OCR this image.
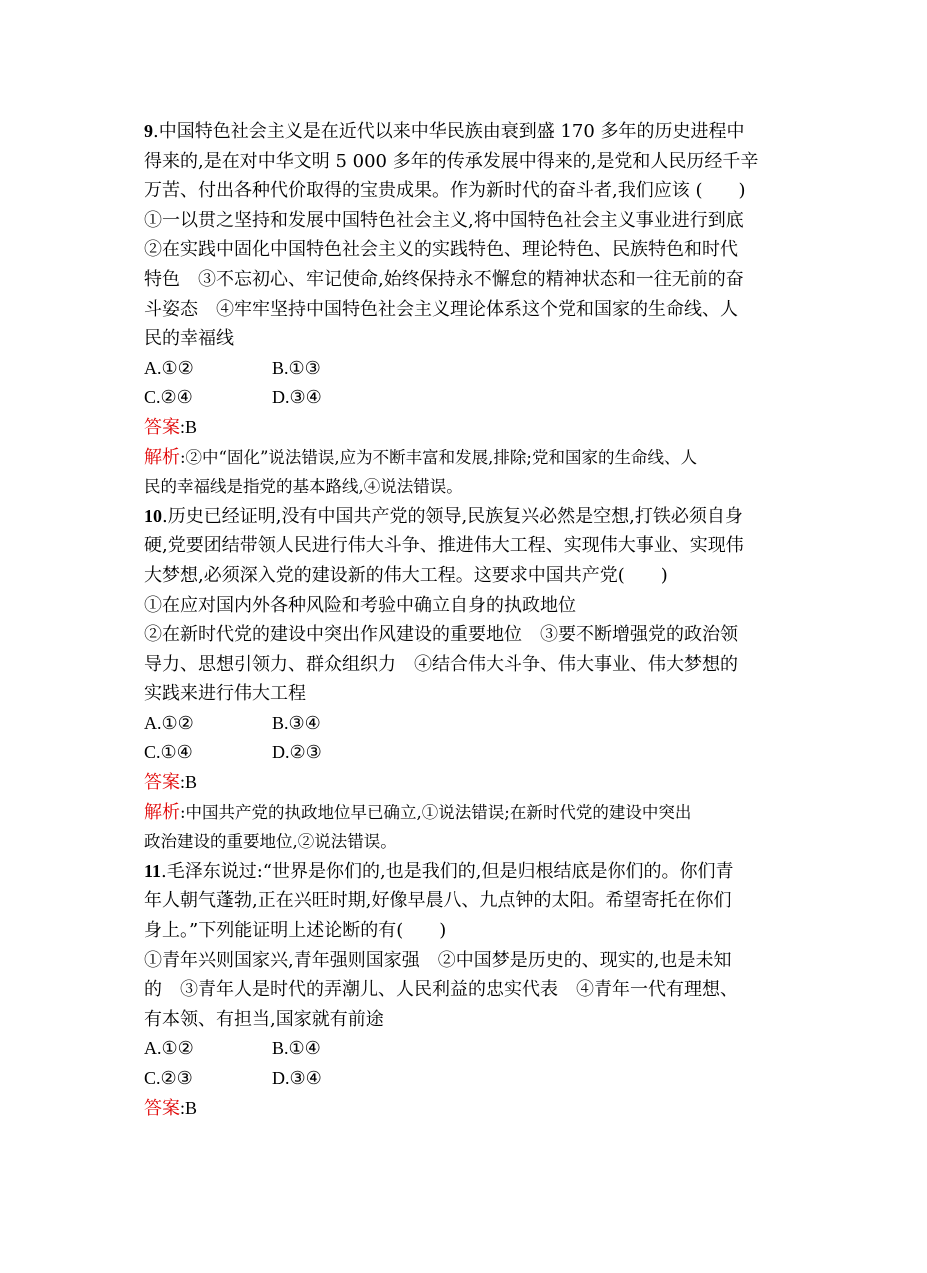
9.中国特色社会主义是在近代以来中华民族由衰到盛 170 多年的历史进程中
得来的,是在对中华文明 5 000 多年的传承发展中得来的,是党和人民历经千辛
万苦、付出各种代价取得的宝贵成果。作为新时代的奋斗者,我们应该 (　　)
①一以贯之坚持和发展中国特色社会主义,将中国特色社会主义事业进行到底
②在实践中固化中国特色社会主义的实践特色、理论特色、民族特色和时代
特色　③不忘初心、牢记使命,始终保持永不懈怠的精神状态和一往无前的奋
斗姿态　④牢牢坚持中国特色社会主义理论体系这个党和国家的生命线、人
民的幸福线
A.①②	B.①③
C.②④	D.③④
答案:B
解析:②中“固化”说法错误,应为不断丰富和发展,排除;党和国家的生命线、人
民的幸福线是指党的基本路线,④说法错误。
10.历史已经证明,没有中国共产党的领导,民族复兴必然是空想,打铁必须自身
硬,党要团结带领人民进行伟大斗争、推进伟大工程、实现伟大事业、实现伟
大梦想,必须深入党的建设新的伟大工程。这要求中国共产党(　　)
①在应对国内外各种风险和考验中确立自身的执政地位
②在新时代党的建设中突出作风建设的重要地位　③要不断增强党的政治领
导力、思想引领力、群众组织力　④结合伟大斗争、伟大事业、伟大梦想的
实践来进行伟大工程
A.①②	B.③④
C.①④	D.②③
答案:B
解析:中国共产党的执政地位早已确立,①说法错误;在新时代党的建设中突出
政治建设的重要地位,②说法错误。
11.毛泽东说过:“世界是你们的,也是我们的,但是归根结底是你们的。你们青
年人朝气蓬勃,正在兴旺时期,好像早晨八、九点钟的太阳。希望寄托在你们
身上。”下列能证明上述论断的有(　　)
①青年兴则国家兴,青年强则国家强　②中国梦是历史的、现实的,也是未知
的　③青年人是时代的弄潮儿、人民利益的忠实代表　④青年一代有理想、
有本领、有担当,国家就有前途
A.①②	B.①④
C.②③	D.③④
答案:B
